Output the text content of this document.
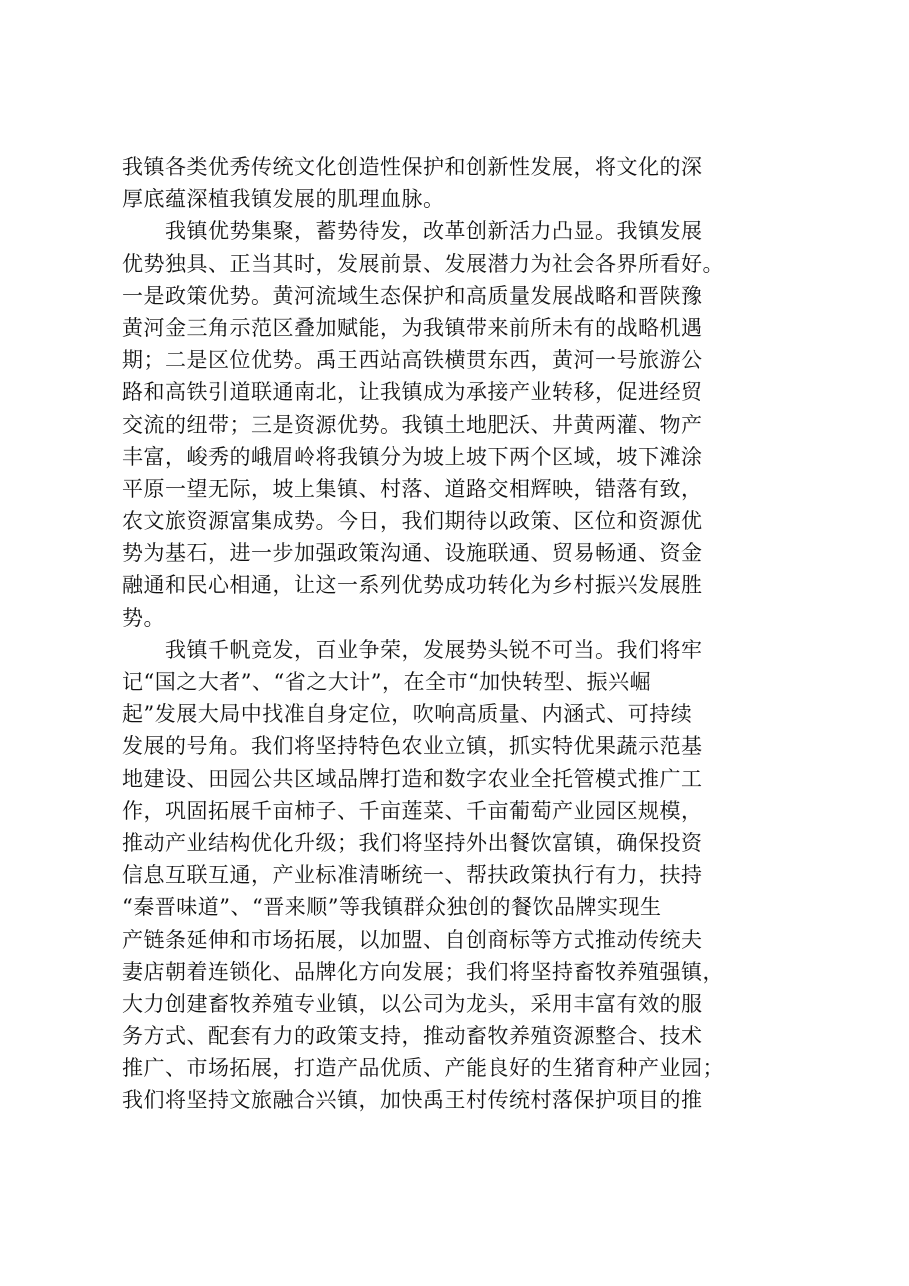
我镇各类优秀传统文化创造性保护和创新性发展，将文化的深
厚底蕴深植我镇发展的肌理血脉。
　　我镇优势集聚，蓄势待发，改革创新活力凸显。我镇发展
优势独具、正当其时，发展前景、发展潜力为社会各界所看好。
一是政策优势。黄河流域生态保护和高质量发展战略和晋陕豫
黄河金三角示范区叠加赋能，为我镇带来前所未有的战略机遇
期；二是区位优势。禹王西站高铁横贯东西，黄河一号旅游公
路和高铁引道联通南北，让我镇成为承接产业转移，促进经贸
交流的纽带；三是资源优势。我镇土地肥沃、井黄两灌、物产
丰富，峻秀的峨眉岭将我镇分为坡上坡下两个区域，坡下滩涂
平原一望无际，坡上集镇、村落、道路交相辉映，错落有致，
农文旅资源富集成势。今日，我们期待以政策、区位和资源优
势为基石，进一步加强政策沟通、设施联通、贸易畅通、资金
融通和民心相通，让这一系列优势成功转化为乡村振兴发展胜
势。
　　我镇千帆竞发，百业争荣，发展势头锐不可当。我们将牢
记“国之大者”、“省之大计”，在全市“加快转型、振兴崛
起”发展大局中找准自身定位，吹响高质量、内涵式、可持续
发展的号角。我们将坚持特色农业立镇，抓实特优果蔬示范基
地建设、田园公共区域品牌打造和数字农业全托管模式推广工
作，巩固拓展千亩柿子、千亩莲菜、千亩葡萄产业园区规模，
推动产业结构优化升级；我们将坚持外出餐饮富镇，确保投资
信息互联互通，产业标准清晰统一、帮扶政策执行有力，扶持
“秦晋味道”、“晋来顺”等我镇群众独创的餐饮品牌实现生
产链条延伸和市场拓展，以加盟、自创商标等方式推动传统夫
妻店朝着连锁化、品牌化方向发展；我们将坚持畜牧养殖强镇，
大力创建畜牧养殖专业镇，以公司为龙头，采用丰富有效的服
务方式、配套有力的政策支持，推动畜牧养殖资源整合、技术
推广、市场拓展，打造产品优质、产能良好的生猪育种产业园；
我们将坚持文旅融合兴镇，加快禹王村传统村落保护项目的推
